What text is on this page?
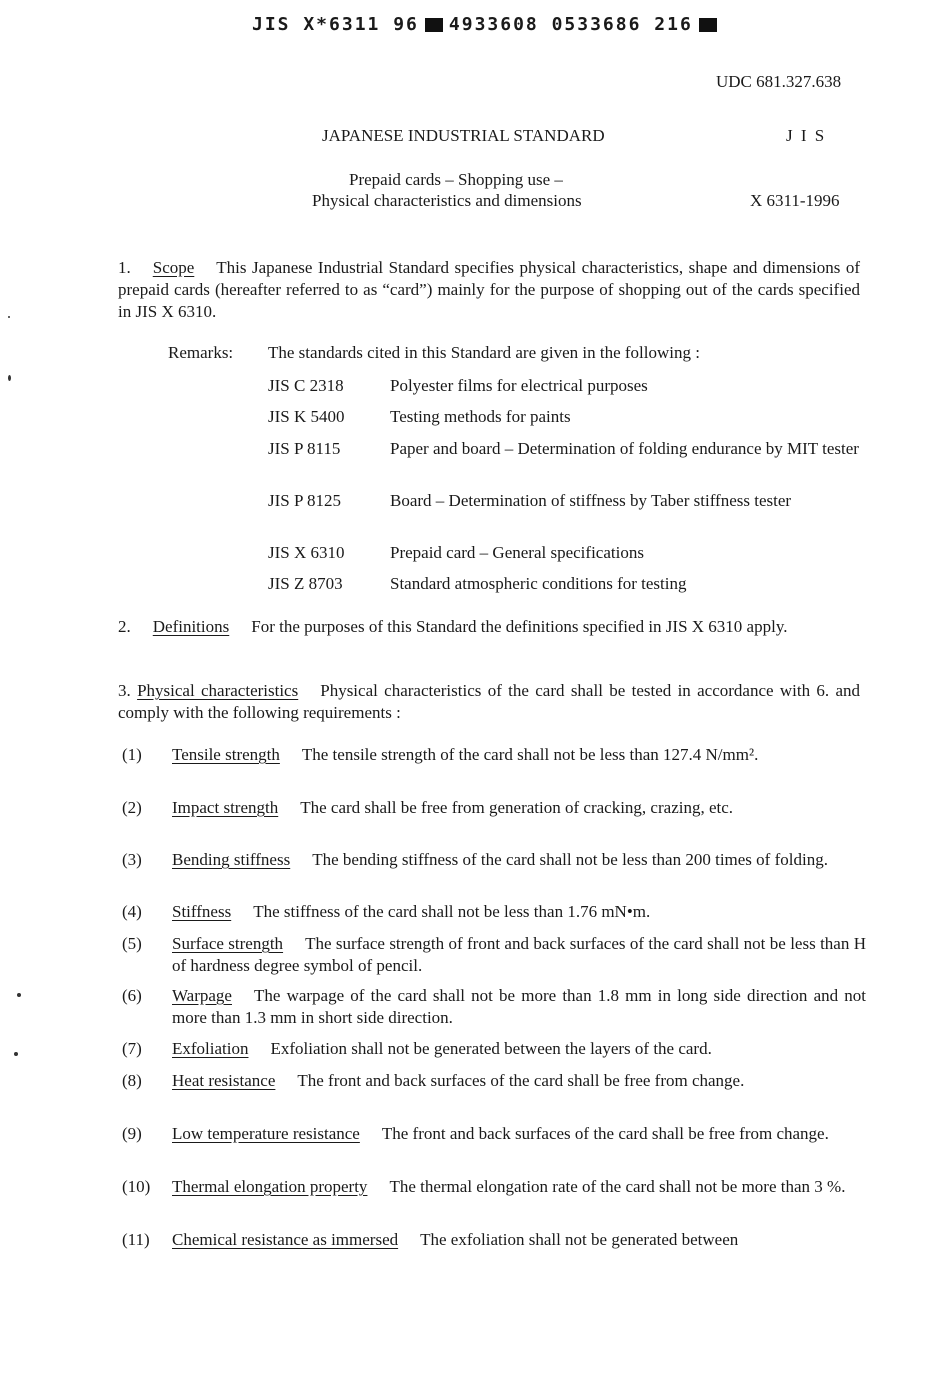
JIS X*6311 96 4933608 0533686 216
UDC 681.327.638
JAPANESE INDUSTRIAL STANDARD	J I S
Prepaid cards – Shopping use –
Physical characteristics and dimensions	X 6311-1996
1. Scope This Japanese Industrial Standard specifies physical characteristics, shape and dimensions of prepaid cards (hereafter referred to as “card”) mainly for the purpose of shopping out of the cards specified in JIS X 6310.
Remarks: The standards cited in this Standard are given in the following :
JIS C 2318	Polyester films for electrical purposes
JIS K 5400	Testing methods for paints
JIS P 8115	Paper and board – Determination of folding endurance by MIT tester
JIS P 8125	Board – Determination of stiffness by Taber stiffness tester
JIS X 6310	Prepaid card – General specifications
JIS Z 8703	Standard atmospheric conditions for testing
2. Definitions For the purposes of this Standard the definitions specified in JIS X 6310 apply.
3. Physical characteristics Physical characteristics of the card shall be tested in accordance with 6. and comply with the following requirements :
(1) Tensile strength The tensile strength of the card shall not be less than 127.4 N/mm².
(2) Impact strength The card shall be free from generation of cracking, crazing, etc.
(3) Bending stiffness The bending stiffness of the card shall not be less than 200 times of folding.
(4) Stiffness The stiffness of the card shall not be less than 1.76 mN•m.
(5) Surface strength The surface strength of front and back surfaces of the card shall not be less than H of hardness degree symbol of pencil.
(6) Warpage The warpage of the card shall not be more than 1.8 mm in long side direction and not more than 1.3 mm in short side direction.
(7) Exfoliation Exfoliation shall not be generated between the layers of the card.
(8) Heat resistance The front and back surfaces of the card shall be free from change.
(9) Low temperature resistance The front and back surfaces of the card shall be free from change.
(10) Thermal elongation property The thermal elongation rate of the card shall not be more than 3 %.
(11) Chemical resistance as immersed The exfoliation shall not be generated between
